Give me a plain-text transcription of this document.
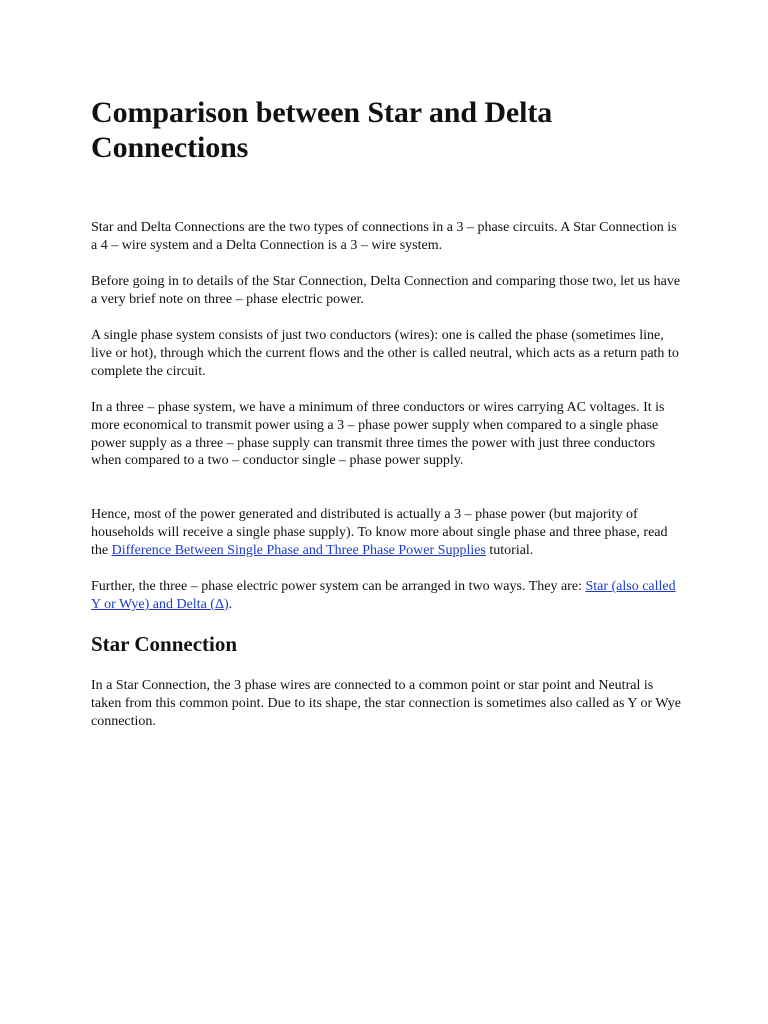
Comparison between Star and Delta Connections

Star and Delta Connections are the two types of connections in a 3 – phase circuits. A Star Connection is a 4 – wire system and a Delta Connection is a 3 – wire system.

Before going in to details of the Star Connection, Delta Connection and comparing those two, let us have a very brief note on three – phase electric power.

A single phase system consists of just two conductors (wires): one is called the phase (sometimes line, live or hot), through which the current flows and the other is called neutral, which acts as a return path to complete the circuit.

In a three – phase system, we have a minimum of three conductors or wires carrying AC voltages. It is more economical to transmit power using a 3 – phase power supply when compared to a single phase power supply as a three – phase supply can transmit three times the power with just three conductors when compared to a two – conductor single – phase power supply.

Hence, most of the power generated and distributed is actually a 3 – phase power (but majority of households will receive a single phase supply). To know more about single phase and three phase, read the Difference Between Single Phase and Three Phase Power Supplies tutorial.

Further, the three – phase electric power system can be arranged in two ways. They are: Star (also called Y or Wye) and Delta (Δ).

Star Connection

In a Star Connection, the 3 phase wires are connected to a common point or star point and Neutral is taken from this common point. Due to its shape, the star connection is sometimes also called as Y or Wye connection.
